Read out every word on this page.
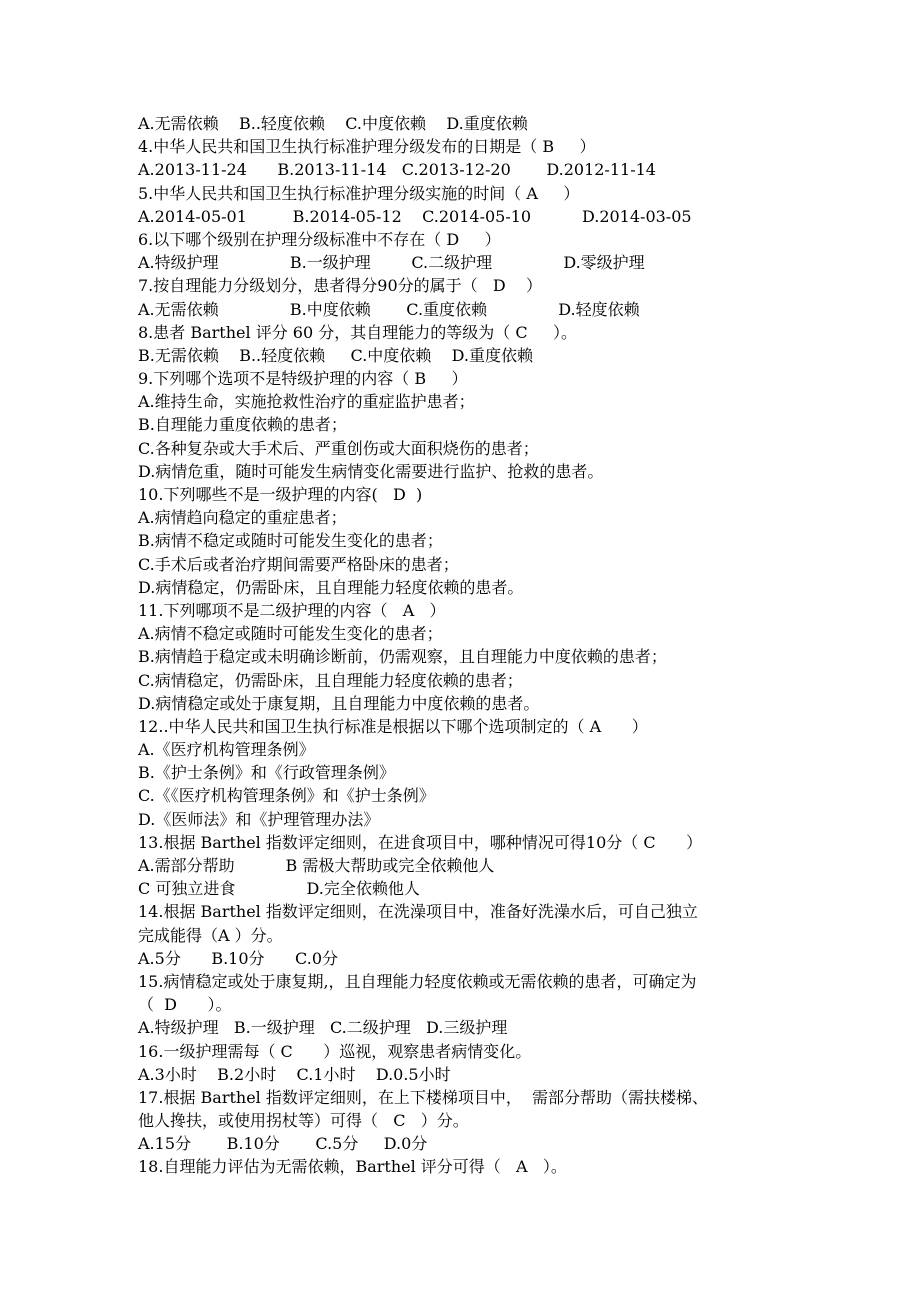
A.无需依赖    B..轻度依赖    C.中度依赖    D.重度依赖
4.中华人民共和国卫生执行标准护理分级发布的日期是（ B     ）
A.2013-11-24      B.2013-11-14   C.2013-12-20       D.2012-11-14
5.中华人民共和国卫生执行标准护理分级实施的时间（ A     ）
A.2014-05-01         B.2014-05-12    C.2014-05-10          D.2014-03-05
6.以下哪个级别在护理分级标准中不存在（ D     ）
A.特级护理              B.一级护理        C.二级护理              D.零级护理
7.按自理能力分级划分，患者得分90分的属于（   D    ）
A.无需依赖              B.中度依赖       C.重度依赖              D.轻度依赖
8.患者 Barthel 评分 60 分，其自理能力的等级为（ C     ）。
B.无需依赖    B..轻度依赖     C.中度依赖    D.重度依赖
9.下列哪个选项不是特级护理的内容（ B     ）
A.维持生命，实施抢救性治疗的重症监护患者；
B.自理能力重度依赖的患者；
C.各种复杂或大手术后、严重创伤或大面积烧伤的患者；
D.病情危重，随时可能发生病情变化需要进行监护、抢救的患者。
10.下列哪些不是一级护理的内容(   D  )
A.病情趋向稳定的重症患者；
B.病情不稳定或随时可能发生变化的患者；
C.手术后或者治疗期间需要严格卧床的患者；
D.病情稳定，仍需卧床，且自理能力轻度依赖的患者。
11.下列哪项不是二级护理的内容（   A   ）
A.病情不稳定或随时可能发生变化的患者；
B.病情趋于稳定或未明确诊断前，仍需观察，且自理能力中度依赖的患者；
C.病情稳定，仍需卧床，且自理能力轻度依赖的患者；
D.病情稳定或处于康复期，且自理能力中度依赖的患者。
12..中华人民共和国卫生执行标准是根据以下哪个选项制定的（ A      ）
A.《医疗机构管理条例》
B.《护士条例》和《行政管理条例》
C.《《医疗机构管理条例》和《护士条例》
D.《医师法》和《护理管理办法》
13.根据 Barthel 指数评定细则，在进食项目中，哪种情况可得10分（ C      ）
A.需部分帮助          B 需极大帮助或完全依赖他人
C 可独立进食              D.完全依赖他人
14.根据 Barthel 指数评定细则，在洗澡项目中，准备好洗澡水后，可自己独立
完成能得（A ）分。
A.5分      B.10分      C.0分
15.病情稳定或处于康复期,，且自理能力轻度依赖或无需依赖的患者，可确定为
（  D      ）。
A.特级护理   B.一级护理   C.二级护理   D.三级护理
16.一级护理需每（ C      ）巡视，观察患者病情变化。
A.3小时    B.2小时    C.1小时    D.0.5小时
17.根据 Barthel 指数评定细则，在上下楼梯项目中，  需部分帮助（需扶楼梯、
他人搀扶，或使用拐杖等）可得（   C   ）分。
A.15分       B.10分       C.5分     D.0分
18.自理能力评估为无需依赖，Barthel 评分可得（   A   ）。
